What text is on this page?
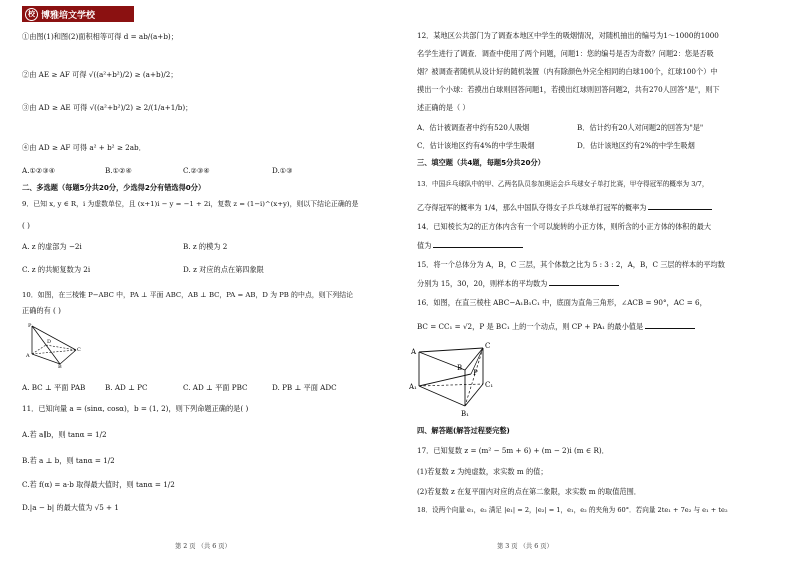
校 博雅培文学校
①由图(1)和图(2)面积相等可得 d = ab/(a+b)；
②由 AE ≥ AF 可得 √((a²+b²)/2) ≥ (a+b)/2；
③由 AD ≥ AE 可得 √((a²+b²)/2) ≥ 2/(1/a+1/b)；
④由 AD ≥ AF 可得 a² + b² ≥ 2ab．
A.①②③④	B.①②④	C.②③④	D.①③
二、多选题（每题5分共20分，少选得2分有错选得0分）
9．已知 x, y ∈ R，i 为虚数单位，且 (x+1)i − y = −1 + 2i，复数 z = (1−i)^(x+y)，则以下结论正确的是
( )
A. z 的虚部为 −2i	B. z 的模为 2
C. z 的共轭复数为 2i	D. z 对应的点在第四象限
10．如图，在三棱锥 P−ABC 中，PA ⊥ 平面 ABC，AB ⊥ BC，PA = AB，D 为 PB 的中点，则下列结论
正确的有 ( )
P
D
A
B
C
A. BC ⊥ 平面 PAB	B. AD ⊥ PC	C. AD ⊥ 平面 PBC	D. PB ⊥ 平面 ADC
11．已知向量 a = (sinα, cosα)，b = (1, 2)，则下列命题正确的是( )
A.若 a∥b，则 tanα = 1/2
B.若 a ⊥ b，则 tanα = 1/2
C.若 f(α) = a·b 取得最大值时，则 tanα = 1/2
D.|a − b| 的最大值为 √5 + 1
第 2 页 （共 6 页）
12．某地区公共部门为了调查本地区中学生的吸烟情况，对随机抽出的编号为1～1000的1000
名学生进行了调查．调查中使用了两个问题，问题1：您的编号是否为奇数？问题2：您是否吸
烟？被调查者随机从设计好的随机装置（内有除颜色外完全相同的白球100个，红球100个）中
摸出一个小球：若摸出白球则回答问题1，若摸出红球则回答问题2，共有270人回答"是"，则下
述正确的是（ ）
A．估计被调查者中约有520人吸烟	B．估计约有20人对问题2的回答为"是"
C．估计该地区约有4%的中学生吸烟	D．估计该地区约有2%的中学生吸烟
三、填空题（共4题，每题5分共20分）
13．中国乒乓球队中的甲、乙两名队员参加奥运会乒乓球女子单打比赛，甲夺得冠军的概率为 3/7，
乙夺得冠军的概率为 1/4，那么中国队夺得女子乒乓球单打冠军的概率为
14．已知棱长为2的正方体内含有一个可以旋转的小正方体，则所含的小正方体的体积的最大
值为
15．将一个总体分为 A，B，C 三层，其个体数之比为 5 : 3 : 2，A，B，C 三层的样本的平均数
分别为 15，30，20，则样本的平均数为
16．如图，在直三棱柱 ABC−A₁B₁C₁ 中，底面为直角三角形，∠ACB = 90°，AC = 6，
BC = CC₁ = √2，P 是 BC₁ 上的一个动点，则 CP + PA₁ 的最小值是
A
B
C
A₁
B₁
C₁
P
四、解答题(解答过程要完整)
17．已知复数 z = (m² − 5m + 6) + (m − 2)i (m ∈ R)．
(1)若复数 z 为纯虚数，求实数 m 的值；
(2)若复数 z 在复平面内对应的点在第二象限，求实数 m 的取值范围．
18．设两个向量 e₁，e₂ 满足 |e₁| = 2，|e₂| = 1，e₁，e₂ 的夹角为 60°．若向量 2te₁ + 7e₂ 与 e₁ + te₂
第 3 页 （共 6 页）
